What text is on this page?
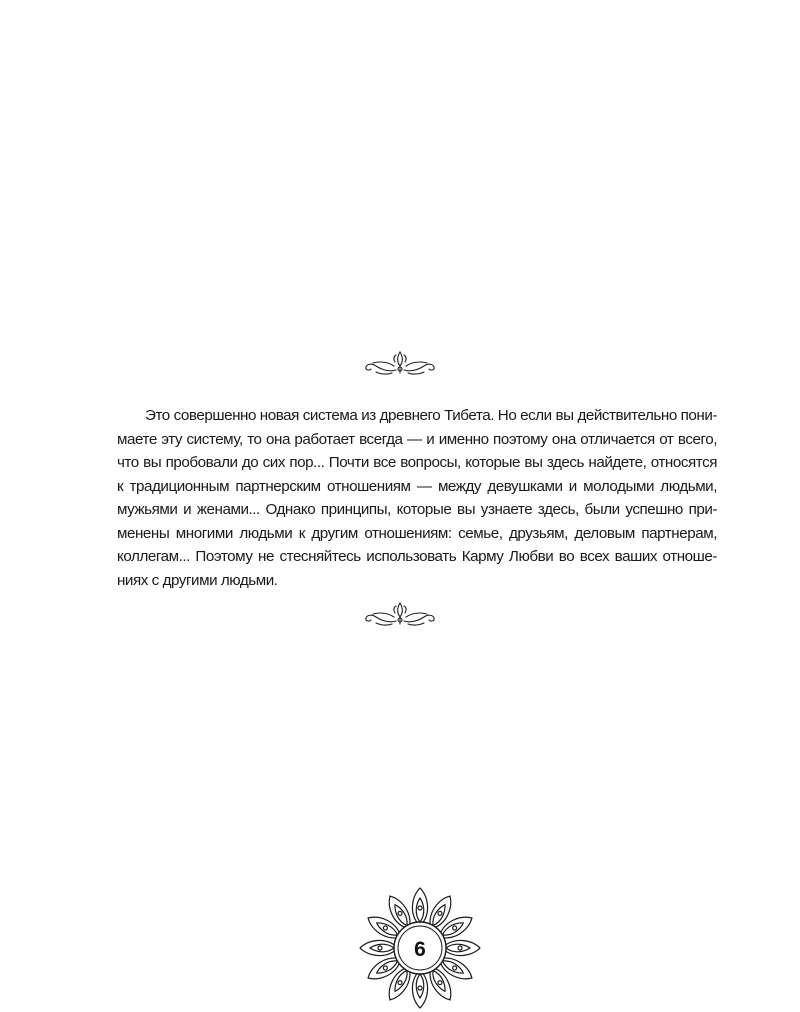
Это совершенно новая система из древнего Тибета. Но если вы действительно пони-
маете эту систему, то она работает всегда — и именно поэтому она отличается от всего,
что вы пробовали до сих пор... Почти все вопросы, которые вы здесь найдете, относятся
к традиционным партнерским отношениям — между девушками и молодыми людьми,
мужьями и женами... Однако принципы, которые вы узнаете здесь, были успешно при-
менены многими людьми к другим отношениям: семье, друзьям, деловым партнерам,
коллегам... Поэтому не стесняйтесь использовать Карму Любви во всех ваших отноше-
ниях с другими людьми.
6
